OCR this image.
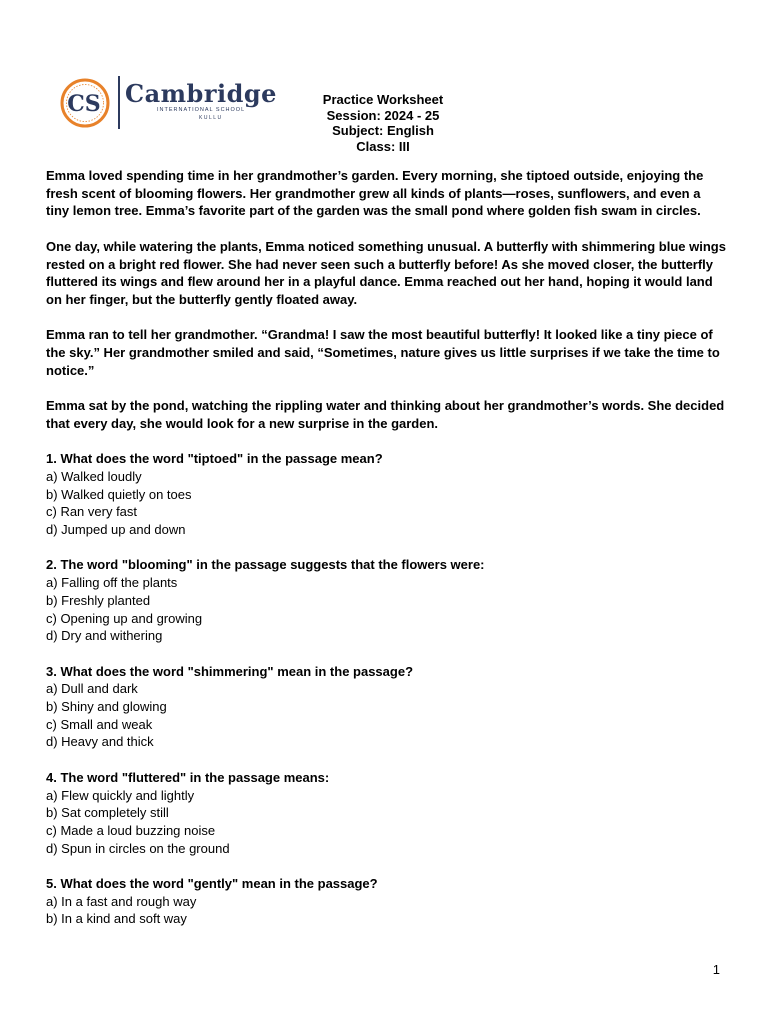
CS Cambridge
INTERNATIONAL SCHOOL
KULLU
Practice Worksheet
Session: 2024 - 25
Subject: English
Class: III

Emma loved spending time in her grandmother’s garden. Every morning, she tiptoed outside, enjoying the fresh scent of blooming flowers. Her grandmother grew all kinds of plants—roses, sunflowers, and even a tiny lemon tree. Emma’s favorite part of the garden was the small pond where golden fish swam in circles.

One day, while watering the plants, Emma noticed something unusual. A butterfly with shimmering blue wings rested on a bright red flower. She had never seen such a butterfly before! As she moved closer, the butterfly fluttered its wings and flew around her in a playful dance. Emma reached out her hand, hoping it would land on her finger, but the butterfly gently floated away.

Emma ran to tell her grandmother. “Grandma! I saw the most beautiful butterfly! It looked like a tiny piece of the sky.” Her grandmother smiled and said, “Sometimes, nature gives us little surprises if we take the time to notice.”

Emma sat by the pond, watching the rippling water and thinking about her grandmother’s words. She decided that every day, she would look for a new surprise in the garden.

1. What does the word "tiptoed" in the passage mean?
a) Walked loudly
b) Walked quietly on toes
c) Ran very fast
d) Jumped up and down
2. The word "blooming" in the passage suggests that the flowers were:
a) Falling off the plants
b) Freshly planted
c) Opening up and growing
d) Dry and withering
3. What does the word "shimmering" mean in the passage?
a) Dull and dark
b) Shiny and glowing
c) Small and weak
d) Heavy and thick
4. The word "fluttered" in the passage means:
a) Flew quickly and lightly
b) Sat completely still
c) Made a loud buzzing noise
d) Spun in circles on the ground
5. What does the word "gently" mean in the passage?
a) In a fast and rough way
b) In a kind and soft way
1
